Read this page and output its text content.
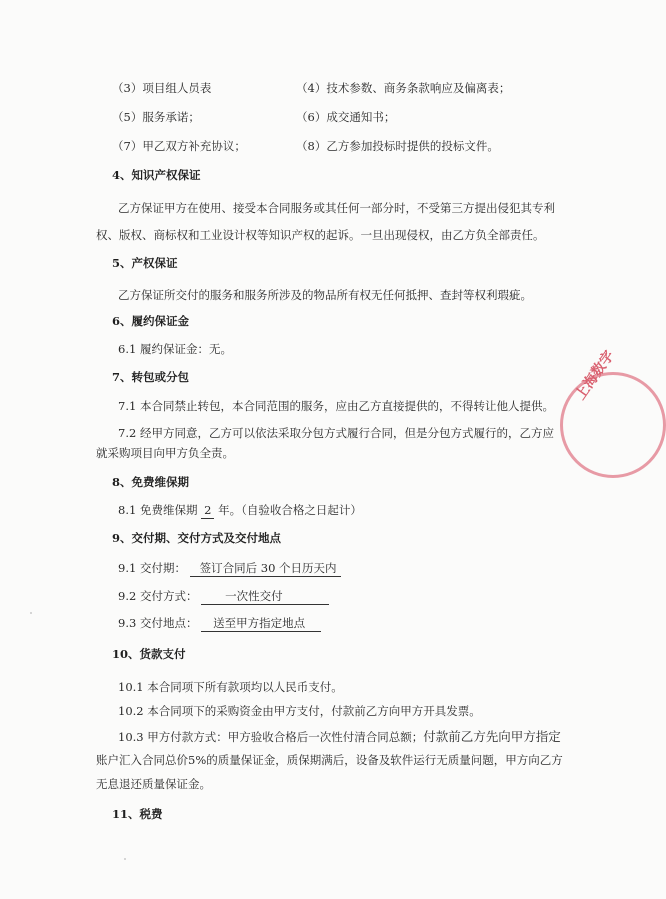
（3）项目组人员表	（4）技术参数、商务条款响应及偏离表；
（5）服务承诺；	（6）成交通知书；
（7）甲乙双方补充协议；	（8）乙方参加投标时提供的投标文件。
4、知识产权保证
乙方保证甲方在使用、接受本合同服务或其任何一部分时，不受第三方提出侵犯其专利
权、版权、商标权和工业设计权等知识产权的起诉。一旦出现侵权，由乙方负全部责任。
5、产权保证
乙方保证所交付的服务和服务所涉及的物品所有权无任何抵押、查封等权利瑕疵。
6、履约保证金
6.1 履约保证金：无。
7、转包或分包
7.1 本合同禁止转包，本合同范围的服务，应由乙方直接提供的，不得转让他人提供。
7.2 经甲方同意，乙方可以依法采取分包方式履行合同，但是分包方式履行的，乙方应
就采购项目向甲方负全责。
8、免费维保期
8.1 免费维保期 2 年。（自验收合格之日起计）
9、交付期、交付方式及交付地点
9.1 交付期： 签订合同后 30 个日历天内
9.2 交付方式： 一次性交付
9.3 交付地点： 送至甲方指定地点
10、货款支付
10.1 本合同项下所有款项均以人民币支付。
10.2 本合同项下的采购资金由甲方支付，付款前乙方向甲方开具发票。
10.3 甲方付款方式：甲方验收合格后一次性付清合同总额；付款前乙方先向甲方指定
账户汇入合同总价5%的质量保证金，质保期满后，设备及软件运行无质量问题，甲方向乙方
无息退还质量保证金。
11、税费
上海数字
